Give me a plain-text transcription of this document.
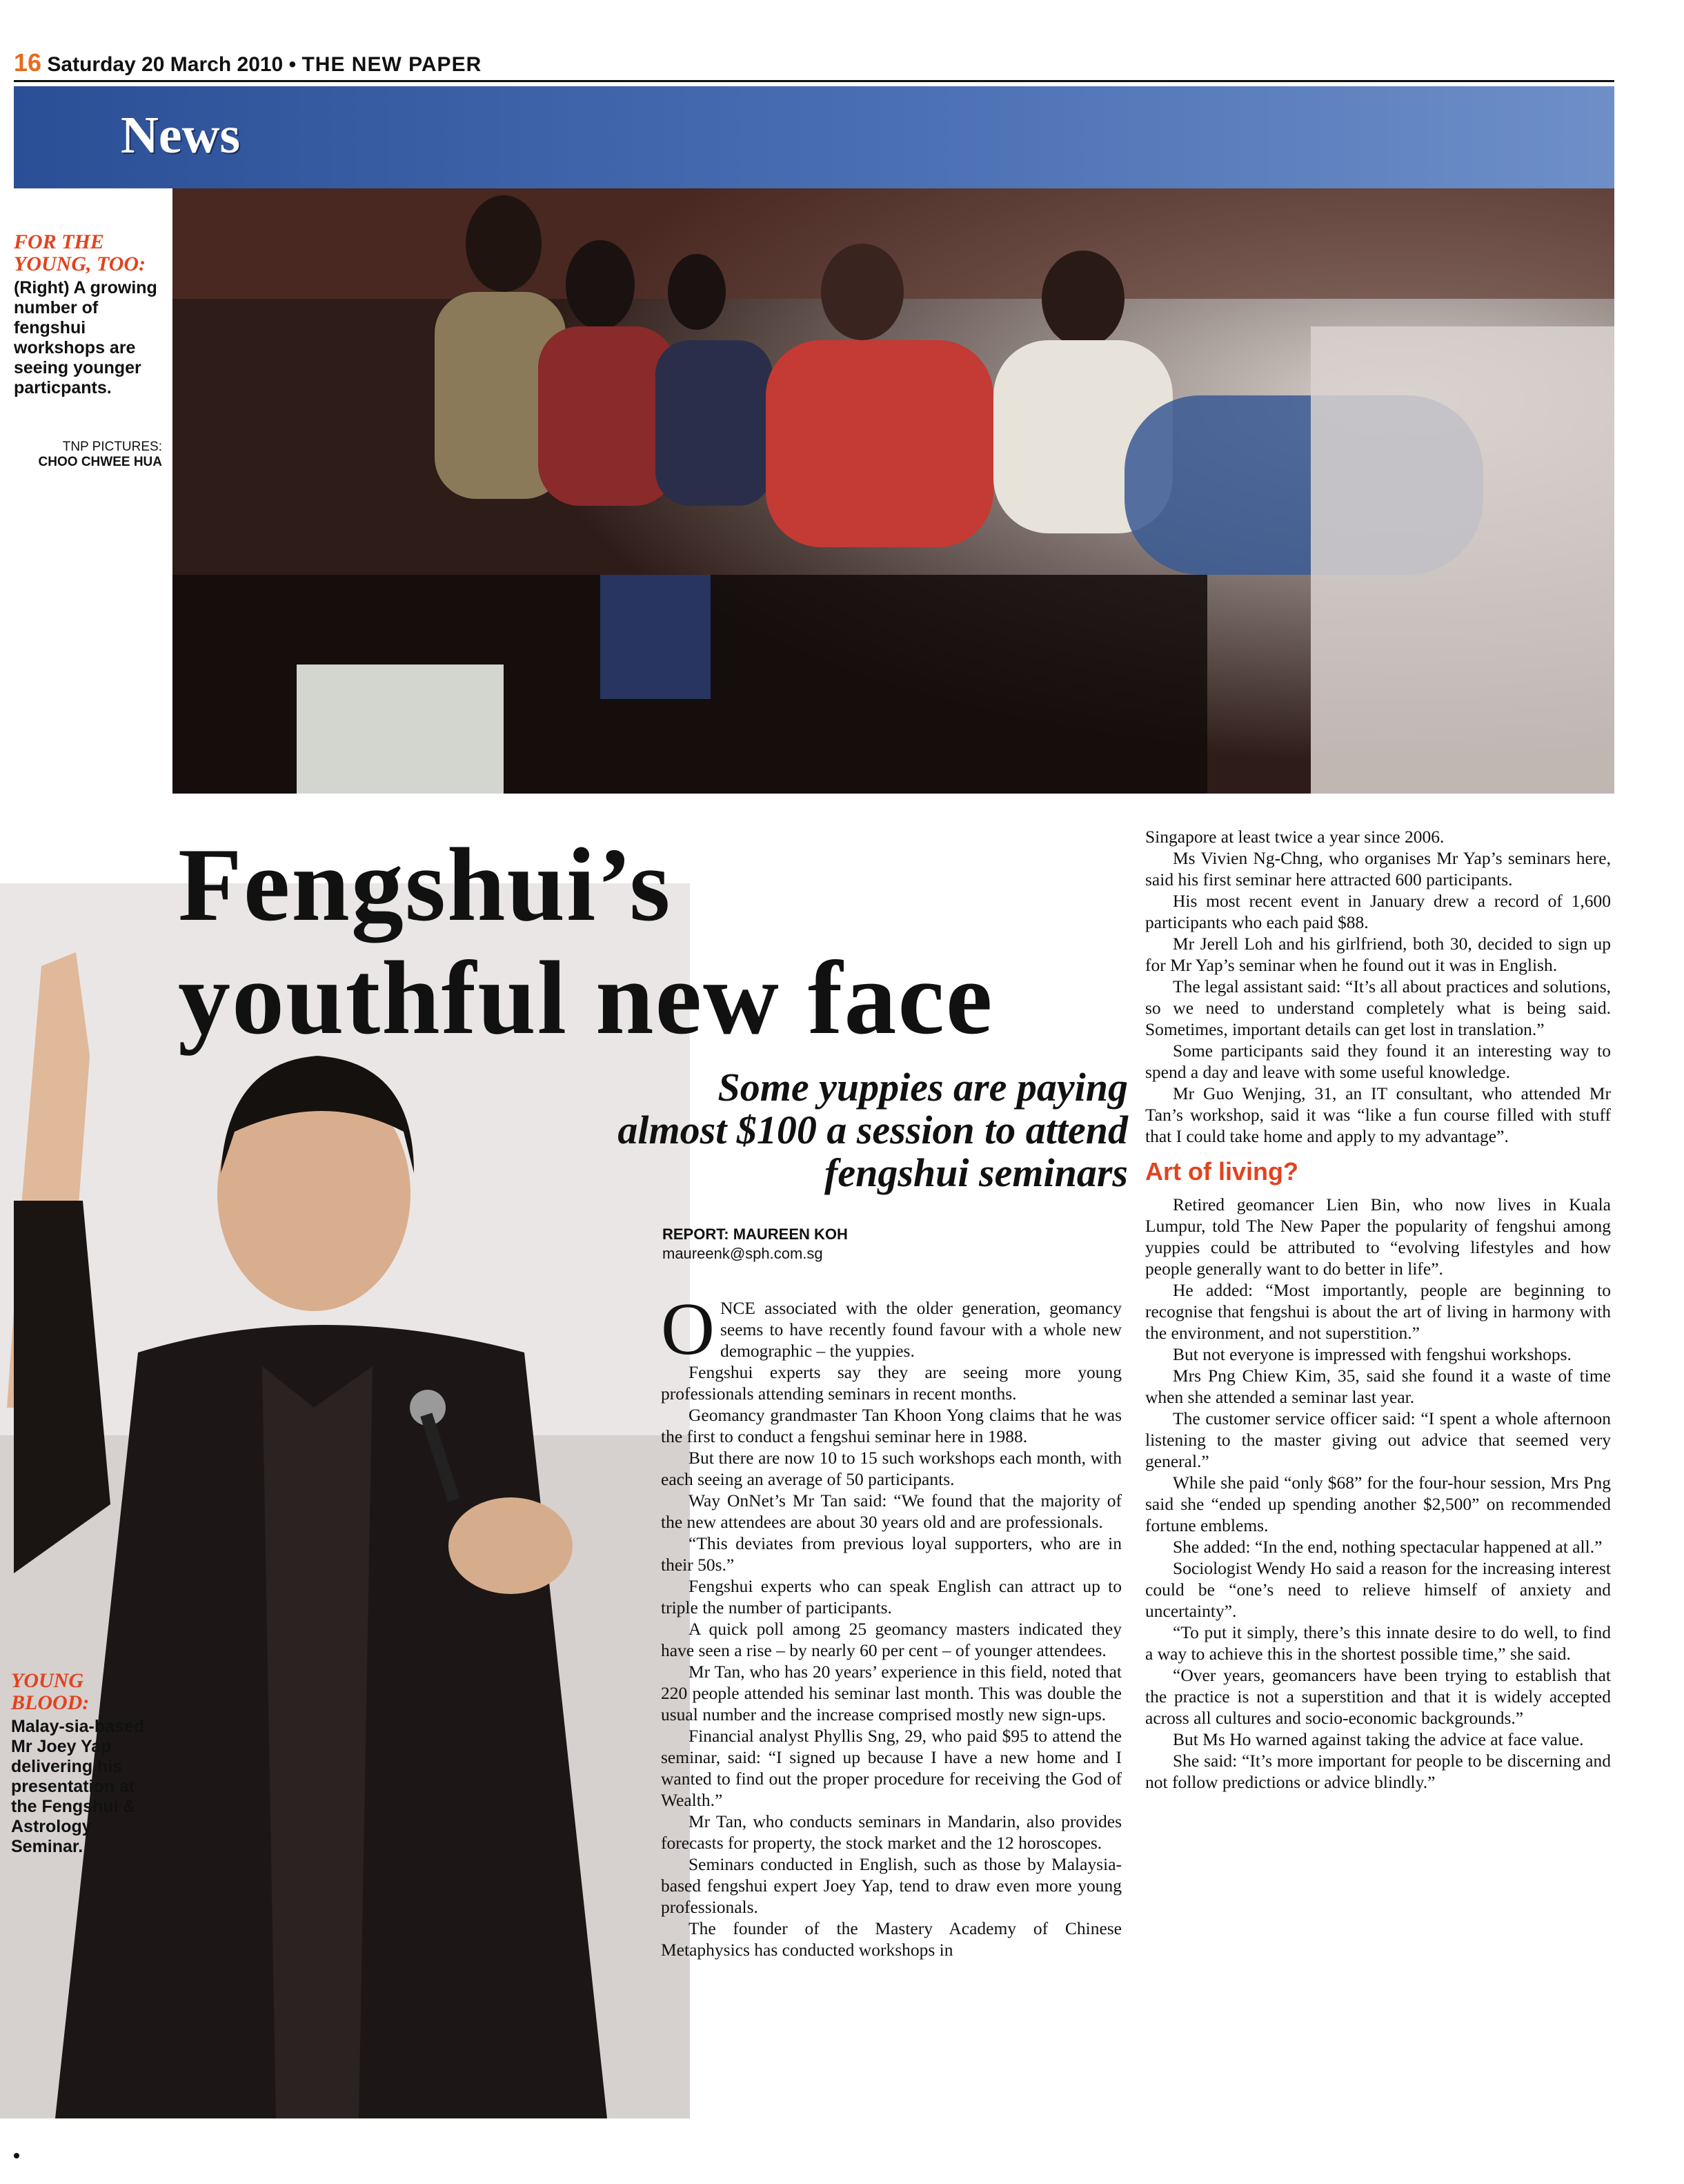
16 Saturday 20 March 2010 • THE NEW PAPER
News
FOR THE YOUNG, TOO:
(Right) A growing number of fengshui workshops are seeing younger particpants.
TNP PICTURES:
CHOO CHWEE HUA
YOUNG BLOOD:
Malay-sia-based Mr Joey Yap delivering his presentation at the Fengshui & Astrology Seminar.
Fengshui’s
youthful new face
Some yuppies are paying almost $100 a session to attend fengshui seminars
REPORT: MAUREEN KOH
maureenk@sph.com.sg

ONCE associated with the older generation, geomancy seems to have recently found favour with a whole new demographic – the yuppies.

Fengshui experts say they are seeing more young professionals attending seminars in recent months.

Geomancy grandmaster Tan Khoon Yong claims that he was the first to conduct a fengshui seminar here in 1988.

But there are now 10 to 15 such workshops each month, with each seeing an average of 50 participants.

Way OnNet’s Mr Tan said: “We found that the majority of the new attendees are about 30 years old and are professionals.

“This deviates from previous loyal supporters, who are in their 50s.”

Fengshui experts who can speak English can attract up to triple the number of participants.

A quick poll among 25 geomancy masters indicated they have seen a rise – by nearly 60 per cent – of younger attendees.

Mr Tan, who has 20 years’ experience in this field, noted that 220 people attended his seminar last month. This was double the usual number and the increase comprised mostly new sign-ups.

Financial analyst Phyllis Sng, 29, who paid $95 to attend the seminar, said: “I signed up because I have a new home and I wanted to find out the proper procedure for receiving the God of Wealth.”

Mr Tan, who conducts seminars in Mandarin, also provides forecasts for property, the stock market and the 12 horoscopes.

Seminars conducted in English, such as those by Malaysia-based fengshui expert Joey Yap, tend to draw even more young professionals.

The founder of the Mastery Academy of Chinese Metaphysics has conducted workshops in

Singapore at least twice a year since 2006.

Ms Vivien Ng-Chng, who organises Mr Yap’s seminars here, said his first seminar here attracted 600 participants.

His most recent event in January drew a record of 1,600 participants who each paid $88.

Mr Jerell Loh and his girlfriend, both 30, decided to sign up for Mr Yap’s seminar when he found out it was in English.

The legal assistant said: “It’s all about practices and solutions, so we need to understand completely what is being said. Sometimes, important details can get lost in translation.”

Some participants said they found it an interesting way to spend a day and leave with some useful knowledge.

Mr Guo Wenjing, 31, an IT consultant, who attended Mr Tan’s workshop, said it was “like a fun course filled with stuff that I could take home and apply to my advantage”.

Art of living?

Retired geomancer Lien Bin, who now lives in Kuala Lumpur, told The New Paper the popularity of fengshui among yuppies could be attributed to “evolving lifestyles and how people generally want to do better in life”.

He added: “Most importantly, people are beginning to recognise that fengshui is about the art of living in harmony with the environment, and not superstition.”

But not everyone is impressed with fengshui workshops.

Mrs Png Chiew Kim, 35, said she found it a waste of time when she attended a seminar last year.

The customer service officer said: “I spent a whole afternoon listening to the master giving out advice that seemed very general.”

While she paid “only $68” for the four-hour session, Mrs Png said she “ended up spending another $2,500” on recommended fortune emblems.

She added: “In the end, nothing spectacular happened at all.”

Sociologist Wendy Ho said a reason for the increasing interest could be “one’s need to relieve himself of anxiety and uncertainty”.

“To put it simply, there’s this innate desire to do well, to find a way to achieve this in the shortest possible time,” she said.

“Over years, geomancers have been trying to establish that the practice is not a superstition and that it is widely accepted across all cultures and socio-economic backgrounds.”

But Ms Ho warned against taking the advice at face value.

She said: “It’s more important for people to be discerning and not follow predictions or advice blindly.”
